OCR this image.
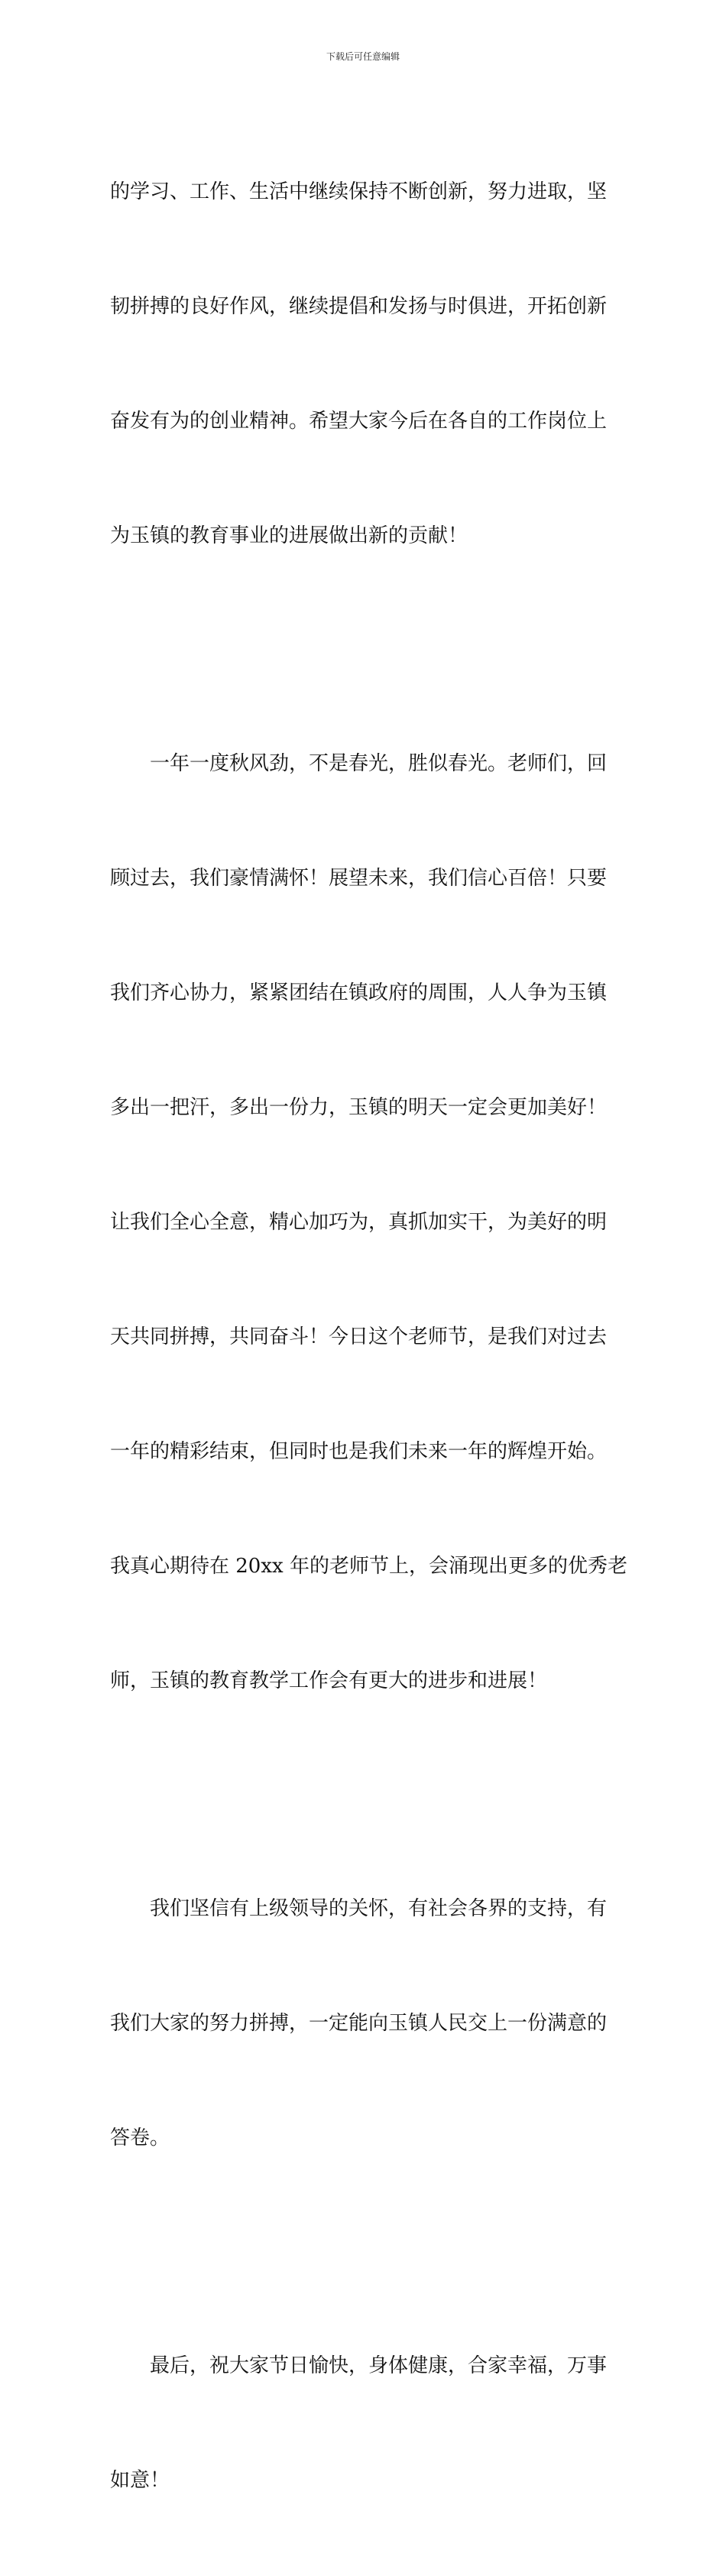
下载后可任意编辑

的学习、工作、生活中继续保持不断创新，努力进取，坚

韧拼搏的良好作风，继续提倡和发扬与时俱进，开拓创新

奋发有为的创业精神。希望大家今后在各自的工作岗位上

为玉镇的教育事业的进展做出新的贡献！

一年一度秋风劲，不是春光，胜似春光。老师们，回

顾过去，我们豪情满怀！展望未来，我们信心百倍！只要

我们齐心协力，紧紧团结在镇政府的周围，人人争为玉镇

多出一把汗，多出一份力，玉镇的明天一定会更加美好！

让我们全心全意，精心加巧为，真抓加实干，为美好的明

天共同拼搏，共同奋斗！今日这个老师节，是我们对过去

一年的精彩结束，但同时也是我们未来一年的辉煌开始。

我真心期待在 20xx 年的老师节上，会涌现出更多的优秀老

师，玉镇的教育教学工作会有更大的进步和进展！

我们坚信有上级领导的关怀，有社会各界的支持，有

我们大家的努力拼搏，一定能向玉镇人民交上一份满意的

答卷。

最后，祝大家节日愉快，身体健康，合家幸福，万事

如意！
